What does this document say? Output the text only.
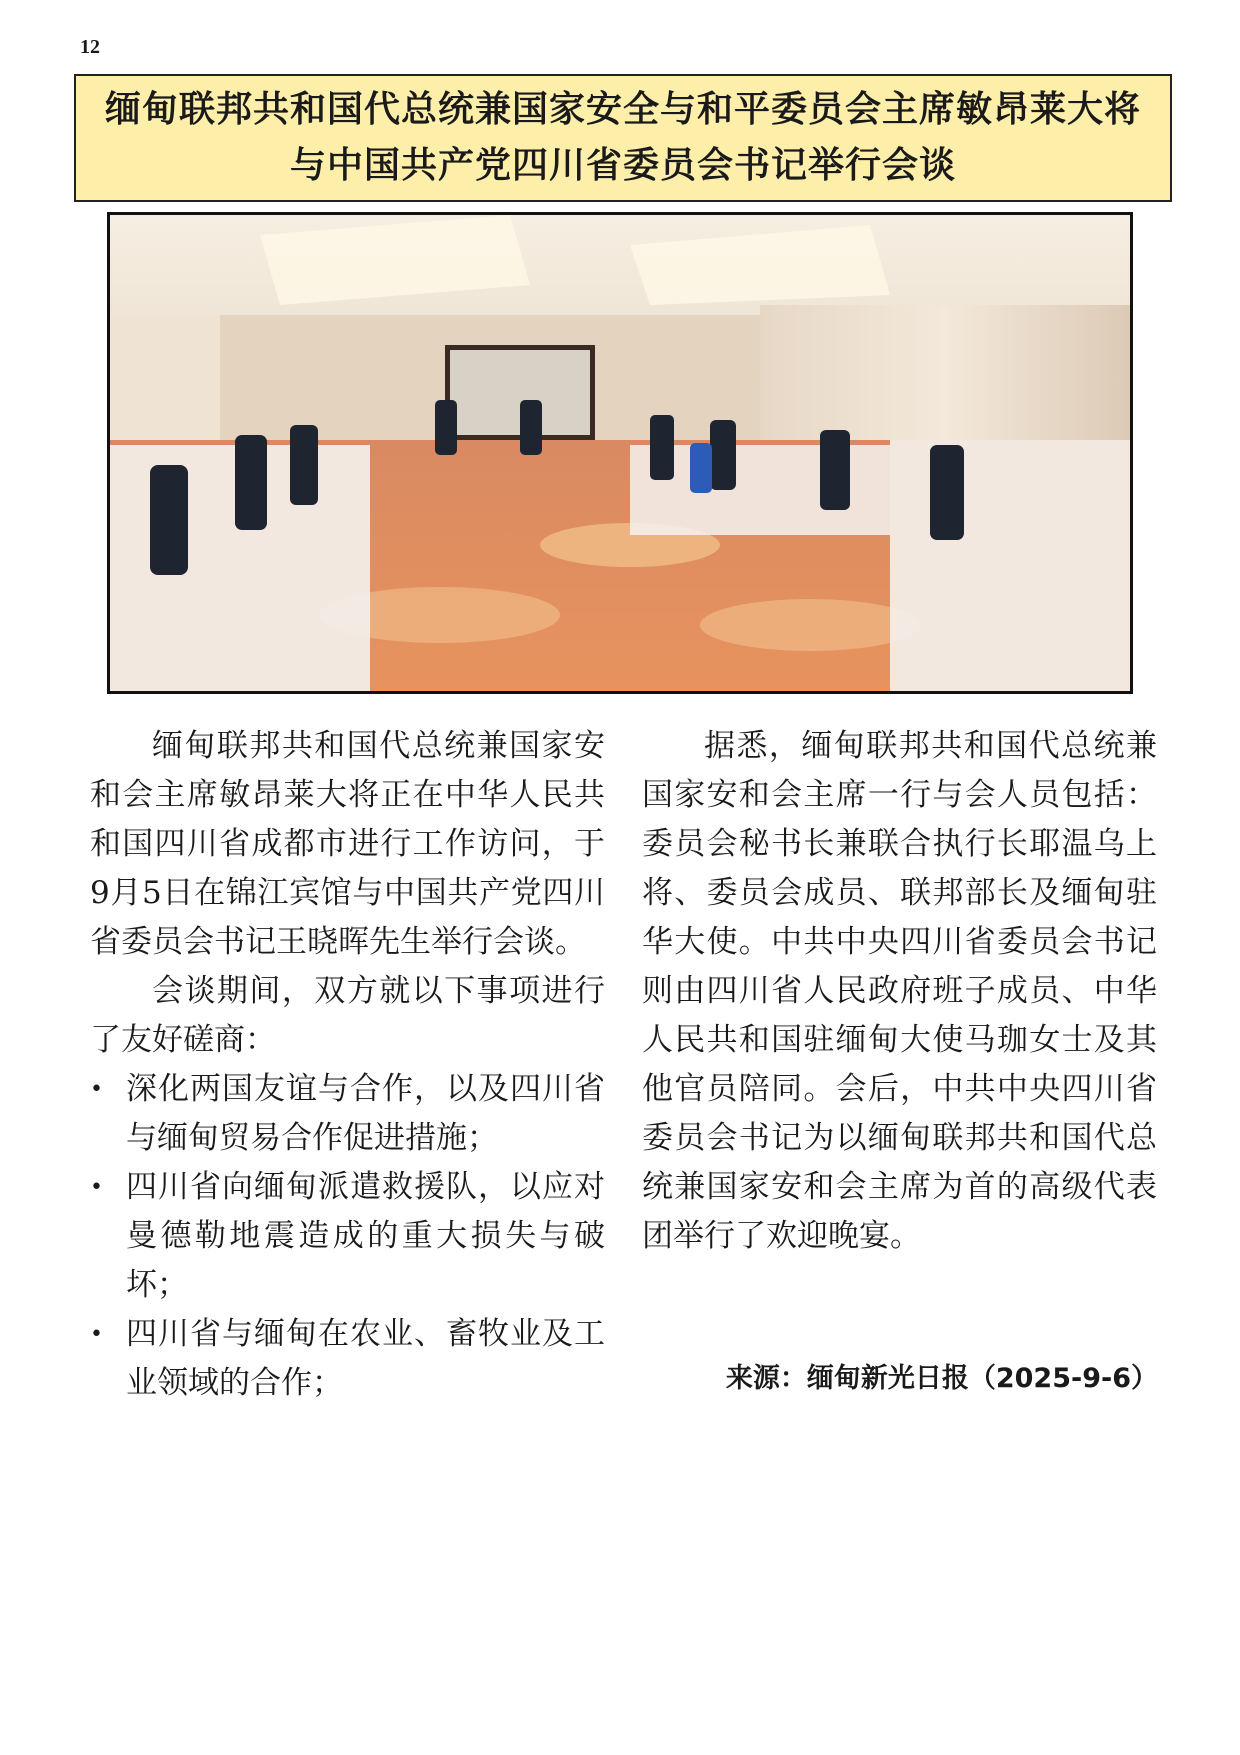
12
缅甸联邦共和国代总统兼国家安全与和平委员会主席敏昂莱大将
与中国共产党四川省委员会书记举行会谈

缅甸联邦共和国代总统兼国家安和会主席敏昂莱大将正在中华人民共和国四川省成都市进行工作访问，于9月5日在锦江宾馆与中国共产党四川省委员会书记王晓晖先生举行会谈。

会谈期间，双方就以下事项进行了友好磋商：

• 深化两国友谊与合作，以及四川省与缅甸贸易合作促进措施；
• 四川省向缅甸派遣救援队，以应对曼德勒地震造成的重大损失与破坏；
• 四川省与缅甸在农业、畜牧业及工业领域的合作；

据悉，缅甸联邦共和国代总统兼国家安和会主席一行与会人员包括：委员会秘书长兼联合执行长耶温乌上将、委员会成员、联邦部长及缅甸驻华大使。中共中央四川省委员会书记则由四川省人民政府班子成员、中华人民共和国驻缅甸大使马珈女士及其他官员陪同。会后，中共中央四川省委员会书记为以缅甸联邦共和国代总统兼国家安和会主席为首的高级代表团举行了欢迎晚宴。

来源：缅甸新光日报（2025-9-6）
